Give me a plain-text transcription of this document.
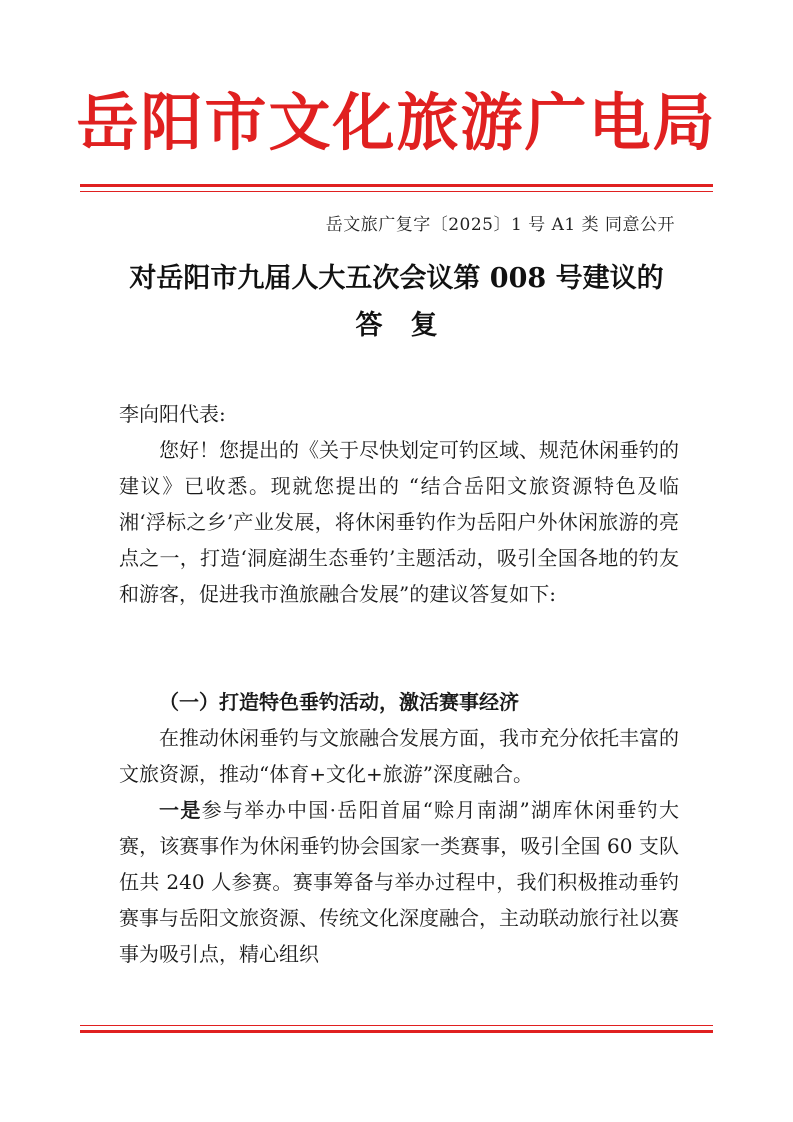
岳阳市文化旅游广电局
岳文旅广复字〔2025〕1 号 A1 类 同意公开
对岳阳市九届人大五次会议第 008 号建议的
答复
李向阳代表:

您好！您提出的《关于尽快划定可钓区域、规范休闲垂钓的建议》已收悉。现就您提出的 “结合岳阳文旅资源特色及临湘‘浮标之乡’产业发展，将休闲垂钓作为岳阳户外休闲旅游的亮点之一，打造‘洞庭湖生态垂钓’主题活动，吸引全国各地的钓友和游客，促进我市渔旅融合发展”的建议答复如下:

（一）打造特色垂钓活动，激活赛事经济

在推动休闲垂钓与文旅融合发展方面，我市充分依托丰富的文旅资源，推动“体育+文化+旅游”深度融合。

一是参与举办中国·岳阳首届“赊月南湖”湖库休闲垂钓大赛，该赛事作为休闲垂钓协会国家一类赛事，吸引全国 60 支队伍共 240 人参赛。赛事筹备与举办过程中，我们积极推动垂钓赛事与岳阳文旅资源、传统文化深度融合，主动联动旅行社以赛事为吸引点，精心组织
